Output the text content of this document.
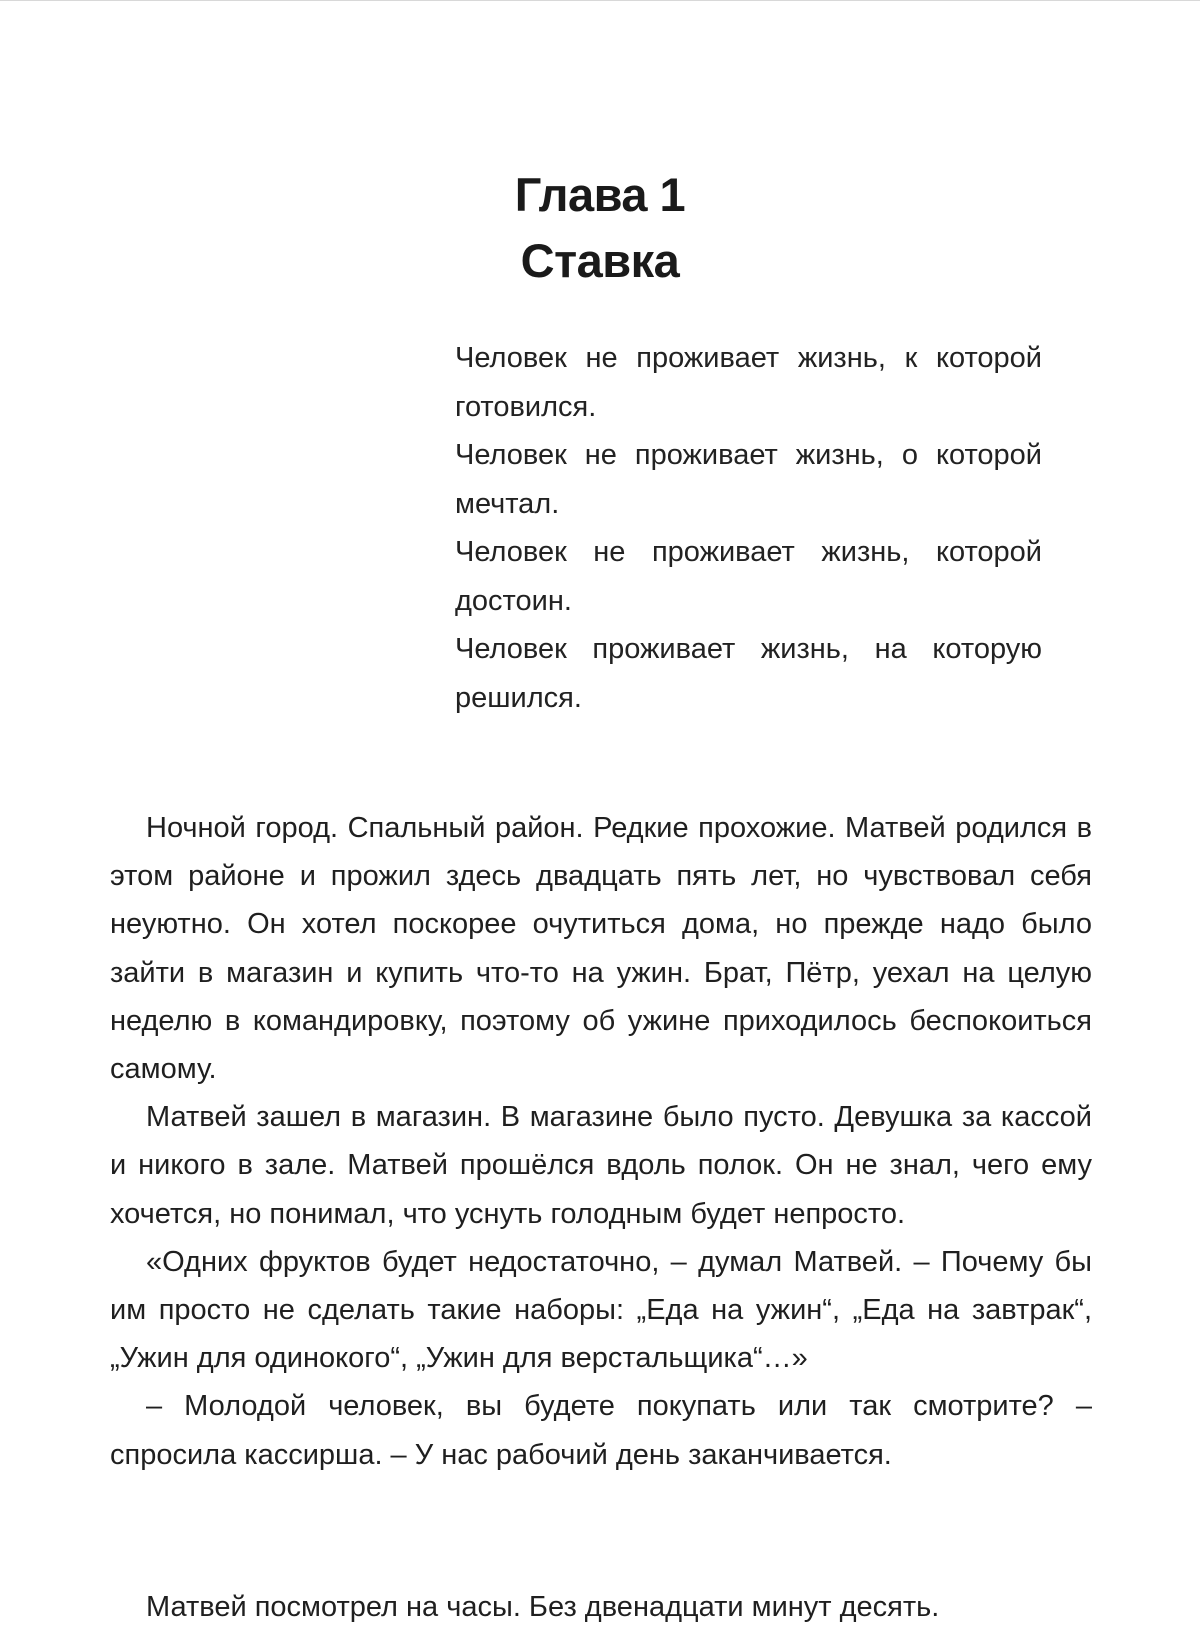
Глава 1
Ставка

Человек не проживает жизнь, к которой готовился.

Человек не проживает жизнь, о которой мечтал.

Человек не проживает жизнь, которой достоин.

Человек проживает жизнь, на которую решился.

Ночной город. Спальный район. Редкие прохожие. Матвей родился в этом районе и прожил здесь двадцать пять лет, но чувствовал себя неуютно. Он хотел поскорее очутиться дома, но прежде надо было зайти в магазин и купить что-то на ужин. Брат, Пётр, уехал на целую неделю в командировку, поэтому об ужине приходилось беспокоиться самому.

Матвей зашел в магазин. В магазине было пусто. Девушка за кассой и никого в зале. Матвей прошёлся вдоль полок. Он не знал, чего ему хочется, но понимал, что уснуть голодным будет непросто.

«Одних фруктов будет недостаточно, – думал Матвей. – Почему бы им просто не сделать такие наборы: „Еда на ужин“, „Еда на завтрак“, „Ужин для одинокого“, „Ужин для верстальщика“…»

– Молодой человек, вы будете покупать или так смотрите? – спросила кассирша. – У нас рабочий день заканчивается.

Матвей посмотрел на часы. Без двенадцати минут десять.
